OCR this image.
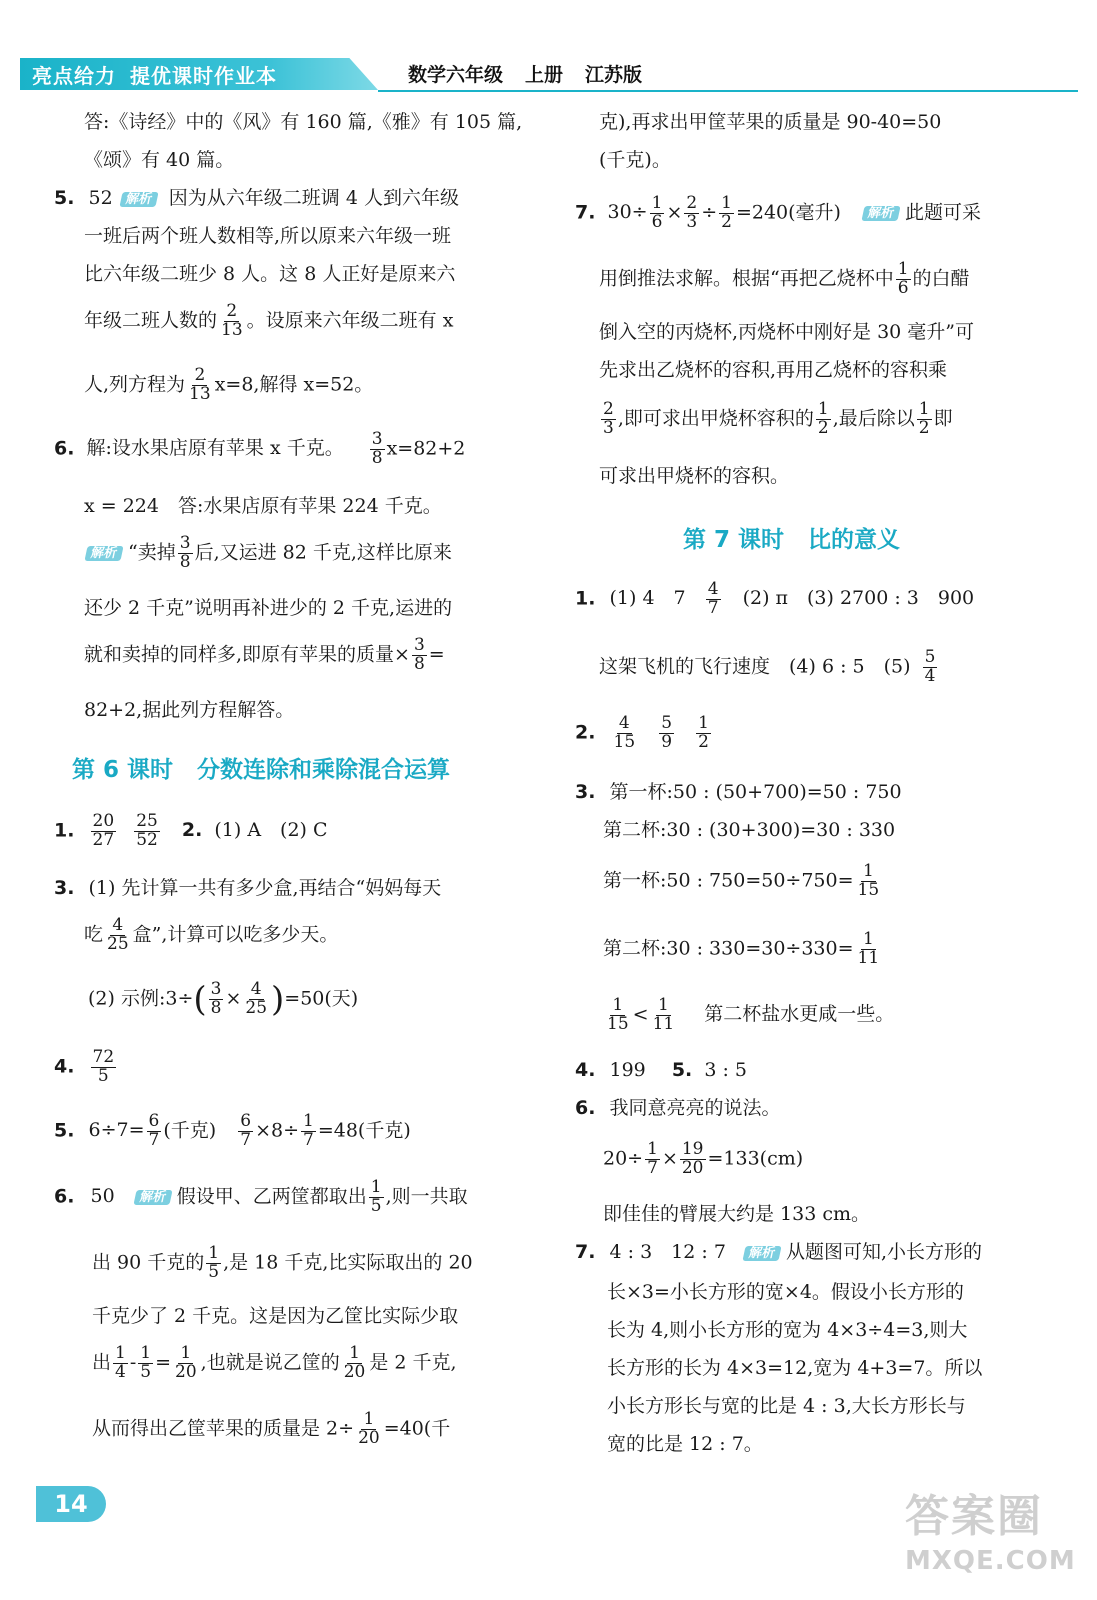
亮点给力 提优课时作业本	数学六年级 上册 江苏版
答:《诗经》中的《风》有 160 篇,《雅》有 105 篇,
《颂》有 40 篇。
5. 52 解析 因为从六年级二班调 4 人到六年级
一班后两个班人数相等,所以原来六年级一班
比六年级二班少 8 人。这 8 人正好是原来六
年级二班人数的 $\frac{2}{13}$ 。设原来六年级二班有 x
人,列方程为 $\frac{2}{13} x=8$,解得 x=52。
6. 解:设水果店原有苹果 x 千克。 $\frac{3}{8} x=82+2$
x = 224　答:水果店原有苹果 224 千克。
解析 “卖掉 $\frac{3}{8}$ 后,又运进 82 千克,这样比原来
还少 2 千克”说明再补进少的 2 千克,运进的
就和卖掉的同样多,即原有苹果的质量× $\frac{3}{8}$ =
82+2,据此列方程解答。
第 6 课时 分数连除和乘除混合运算
1. $\frac{20}{27}$
$\frac{25}{52} 2$. (1) A　(2) C
3. (1) 先计算一共有多少盒,再结合“妈妈每天
吃 $\frac{4}{25}$ 盒”,计算可以吃多少天。
(2) 示例:3÷( $\frac{3}{8} \times \frac{4}{25} )=50$(天)
4. $\frac{72}{5}$
5. $6\div 7= \frac{6}{7}$ (千克) $\frac{6}{7} \times 8\div \frac{1}{7} =48$(千克)
6. 50 解析 假设甲、乙两筐都取出 $\frac{1}{5}$ ,则一共取
出 90 千克的 $\frac{1}{5}$ ,是 18 千克,比实际取出的 20
千克少了 2 千克。这是因为乙筐比实际少取
出 $\frac{1}{4} - \frac{1}{5} = \frac{1}{20}$ ,也就是说乙筐的 $\frac{1}{20}$ 是 2 千克,
从而得出乙筐苹果的质量是 $2\div \frac{1}{20} =40$(千
克),再求出甲筐苹果的质量是 90-40=50
(千克)。
7. $30\div \frac{1}{6} \times \frac{2}{3} \div \frac{1}{2} =240$(毫升) 解析 此题可采
用倒推法求解。根据“再把乙烧杯中 $\frac{1}{6}$ 的白醋
倒入空的丙烧杯,丙烧杯中刚好是 30 毫升”可
先求出乙烧杯的容积,再用乙烧杯的容积乘
$\frac{2}{3}$ ,即可求出甲烧杯容积的 $\frac{1}{2}$ ,最后除以 $\frac{1}{2}$ 即
可求出甲烧杯的容积。
第 7 课时 比的意义
1. (1) 4　$7 \frac{4}{7} (2)$ π　(3) 2700 : 3　900
这架飞机的飞行速度　(4) 6 : 5　$(5) \frac{5}{4}$
2. $\frac{4}{15}$
$\frac{5}{9}$
$\frac{1}{2}$
3. 第一杯:50 : (50+700)=50 : 750
第二杯:30 : (30+300)=30 : 330
第一杯:50 : $750=50\div 750= \frac{1}{15}$
第二杯:30 : $330=30\div 330= \frac{1}{11}$
$\frac{1}{15} < \frac{1}{11}$ 第二杯盐水更咸一些。
4. 199 5. 3 : 5
6. 我同意亮亮的说法。
$20\div \frac{1}{7} \times \frac{19}{20} =133(cm)$
即佳佳的臂展大约是 133 cm。
7. 4 : 3　12 : 7 解析 从题图可知,小长方形的
长×3=小长方形的宽×4。假设小长方形的
长为 4,则小长方形的宽为 4×3÷4=3,则大
长方形的长为 4×3=12,宽为 4+3=7。所以
小长方形长与宽的比是 4 : 3,大长方形长与
宽的比是 12 : 7。
14	答案圈
MXQE.COM
